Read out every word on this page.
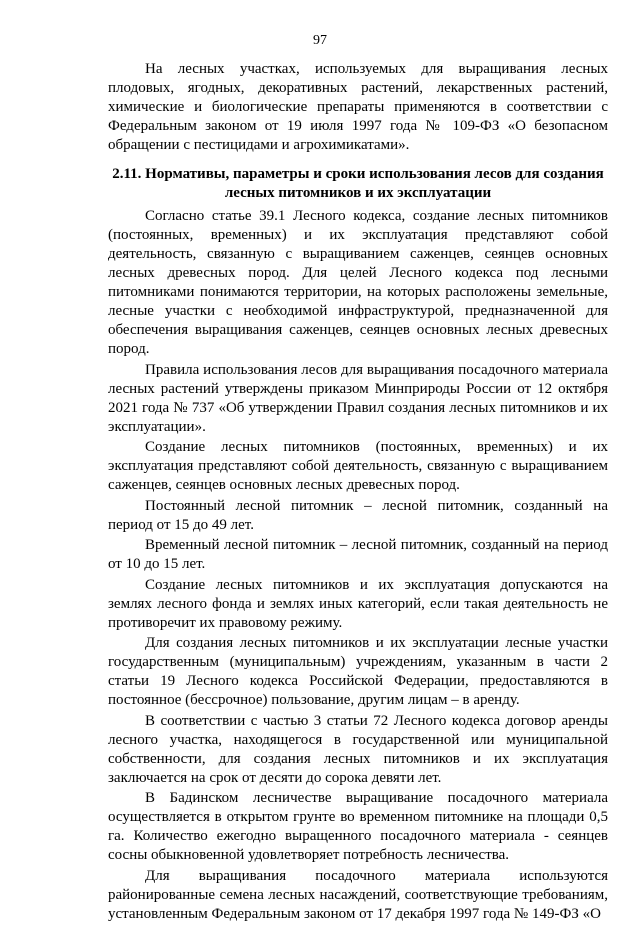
97

На лесных участках, используемых для выращивания лесных плодовых, ягодных, декоративных растений, лекарственных растений, химические и биологические препараты применяются в соответствии с Федеральным законом от 19 июля 1997 года № 109-ФЗ «О безопасном обращении с пестицидами и агрохимикатами».

2.11. Нормативы, параметры и сроки использования лесов для создания лесных питомников и их эксплуатации

Согласно статье 39.1 Лесного кодекса, создание лесных питомников (постоянных, временных) и их эксплуатация представляют собой деятельность, связанную с выращиванием саженцев, сеянцев основных лесных древесных пород. Для целей Лесного кодекса под лесными питомниками понимаются территории, на которых расположены земельные, лесные участки с необходимой инфраструктурой, предназначенной для обеспечения выращивания саженцев, сеянцев основных лесных древесных пород.

Правила использования лесов для выращивания посадочного материала лесных растений утверждены приказом Минприроды России от 12 октября 2021 года № 737 «Об утверждении Правил создания лесных питомников и их эксплуатации».

Создание лесных питомников (постоянных, временных) и их эксплуатация представляют собой деятельность, связанную с выращиванием саженцев, сеянцев основных лесных древесных пород.

Постоянный лесной питомник – лесной питомник, созданный на период от 15 до 49 лет.

Временный лесной питомник – лесной питомник, созданный на период от 10 до 15 лет.

Создание лесных питомников и их эксплуатация допускаются на землях лесного фонда и землях иных категорий, если такая деятельность не противоречит их правовому режиму.

Для создания лесных питомников и их эксплуатации лесные участки государственным (муниципальным) учреждениям, указанным в части 2 статьи 19 Лесного кодекса Российской Федерации, предоставляются в постоянное (бессрочное) пользование, другим лицам – в аренду.

В соответствии с частью 3 статьи 72 Лесного кодекса договор аренды лесного участка, находящегося в государственной или муниципальной собственности, для создания лесных питомников и их эксплуатация заключается на срок от десяти до сорока девяти лет.

В Бадинском лесничестве выращивание посадочного материала осуществляется в открытом грунте во временном питомнике на площади 0,5 га. Количество ежегодно выращенного посадочного материала - сеянцев сосны обыкновенной удовлетворяет потребность лесничества.

Для выращивания посадочного материала используются районированные семена лесных насаждений, соответствующие требованиям, установленным Федеральным законом от 17 декабря 1997 года № 149-ФЗ «О
